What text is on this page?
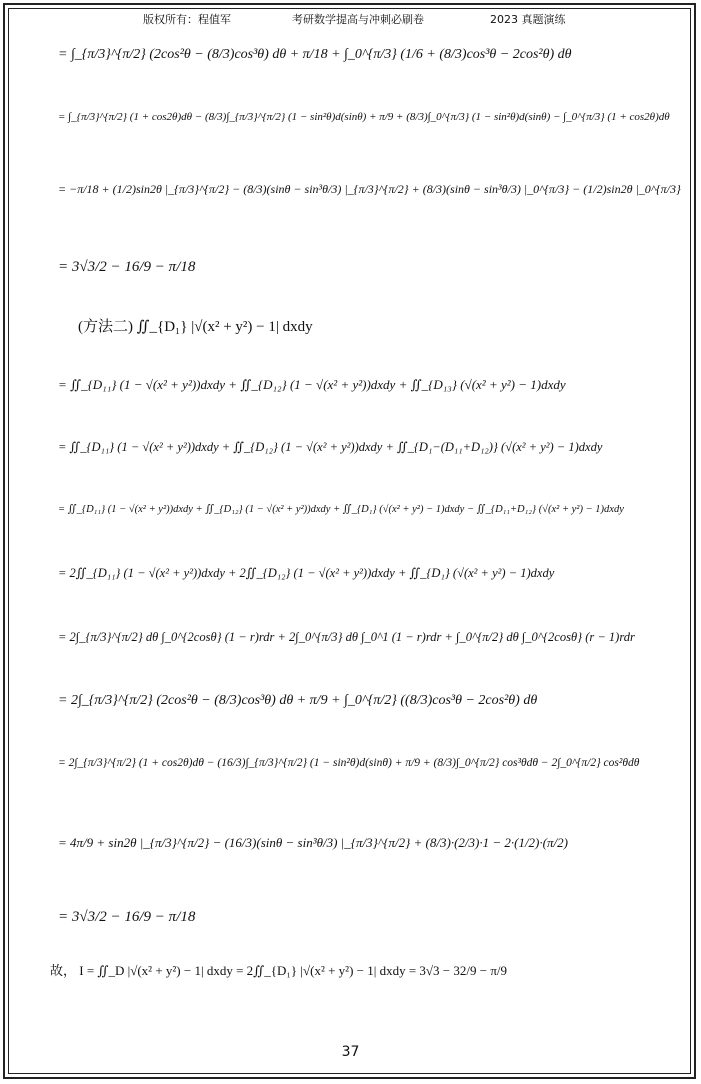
版权所有：程值军	考研数学提高与冲刺必刷卷	2023 真题演练
= ∫_{π/3}^{π/2} (2cos²θ − (8/3)cos³θ) dθ + π/18 + ∫_0^{π/3} (1/6 + (8/3)cos³θ − 2cos²θ) dθ
= ∫_{π/3}^{π/2} (1 + cos2θ)dθ − (8/3)∫_{π/3}^{π/2} (1 − sin²θ)d(sinθ) + π/9 + (8/3)∫_0^{π/3} (1 − sin²θ)d(sinθ) − ∫_0^{π/3} (1 + cos2θ)dθ
= −π/18 + (1/2)sin2θ |_{π/3}^{π/2} − (8/3)(sinθ − sin³θ/3) |_{π/3}^{π/2} + (8/3)(sinθ − sin³θ/3) |_0^{π/3} − (1/2)sin2θ |_0^{π/3}
= 3√3/2 − 16/9 − π/18
(方法二) ∬_{D₁} |√(x² + y²) − 1| dxdy
= ∬_{D₁₁} (1 − √(x² + y²))dxdy + ∬_{D₁₂} (1 − √(x² + y²))dxdy + ∬_{D₁₃} (√(x² + y²) − 1)dxdy
= ∬_{D₁₁} (1 − √(x² + y²))dxdy + ∬_{D₁₂} (1 − √(x² + y²))dxdy + ∬_{D₁−(D₁₁+D₁₂)} (√(x² + y²) − 1)dxdy
= ∬_{D₁₁} (1 − √(x² + y²))dxdy + ∬_{D₁₂} (1 − √(x² + y²))dxdy + ∬_{D₁} (√(x² + y²) − 1)dxdy − ∬_{D₁₁+D₁₂} (√(x² + y²) − 1)dxdy
= 2∬_{D₁₁} (1 − √(x² + y²))dxdy + 2∬_{D₁₂} (1 − √(x² + y²))dxdy + ∬_{D₁} (√(x² + y²) − 1)dxdy
= 2∫_{π/3}^{π/2} dθ ∫_0^{2cosθ} (1 − r)rdr + 2∫_0^{π/3} dθ ∫_0^1 (1 − r)rdr + ∫_0^{π/2} dθ ∫_0^{2cosθ} (r − 1)rdr
= 2∫_{π/3}^{π/2} (2cos²θ − (8/3)cos³θ) dθ + π/9 + ∫_0^{π/2} ((8/3)cos³θ − 2cos²θ) dθ
= 2∫_{π/3}^{π/2} (1 + cos2θ)dθ − (16/3)∫_{π/3}^{π/2} (1 − sin²θ)d(sinθ) + π/9 + (8/3)∫_0^{π/2} cos³θdθ − 2∫_0^{π/2} cos²θdθ
= 4π/9 + sin2θ |_{π/3}^{π/2} − (16/3)(sinθ − sin³θ/3) |_{π/3}^{π/2} + (8/3)·(2/3)·1 − 2·(1/2)·(π/2)
= 3√3/2 − 16/9 − π/18
故， I = ∬_D |√(x² + y²) − 1| dxdy = 2∬_{D₁} |√(x² + y²) − 1| dxdy = 3√3 − 32/9 − π/9
37
